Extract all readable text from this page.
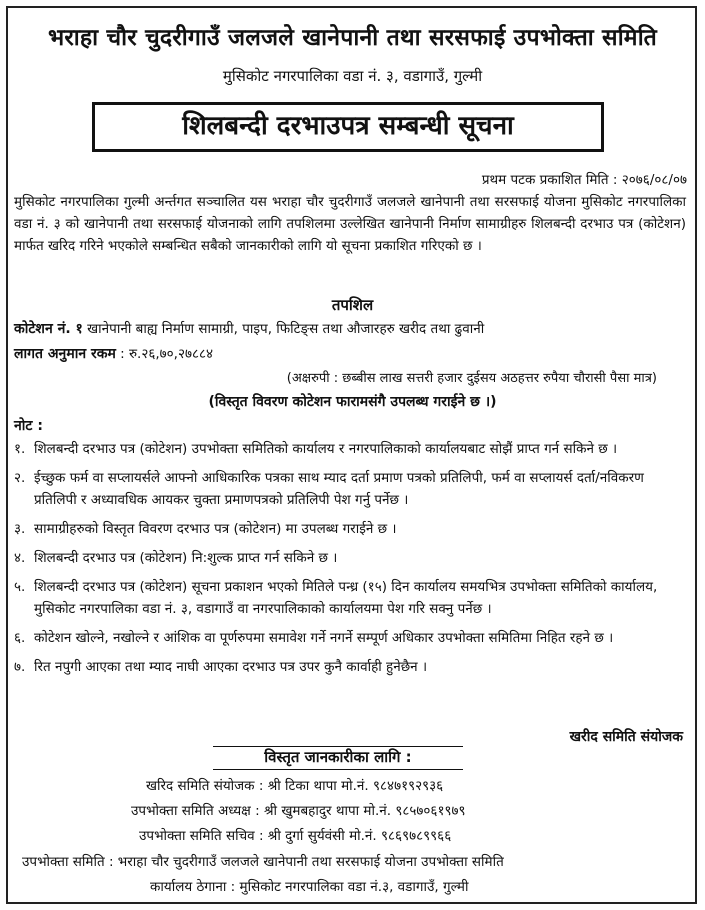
भराहा चौर चुदरीगाउँ जलजले खानेपानी तथा सरसफाई उपभोक्ता समिति
मुसिकोट नगरपालिका वडा नं. ३, वडागाउँ, गुल्मी
शिलबन्दी दरभाउपत्र सम्बन्धी सूचना
प्रथम पटक प्रकाशित मिति : २०७६/०८/०७

मुसिकोट नगरपालिका गुल्मी अर्न्तगत सञ्चालित यस भराहा चौर चुदरीगाउँ जलजले खानेपानी तथा सरसफाई योजना मुसिकोट नगरपालिका वडा नं. ३ को खानेपानी तथा सरसफाई योजनाको लागि तपशिलमा उल्लेखित खानेपानी निर्माण सामाग्रीहरु शिलबन्दी दरभाउ पत्र (कोटेशन) मार्फत खरिद गरिने भएकोले सम्बन्धित सबैको जानकारीको लागि यो सूचना प्रकाशित गरिएको छ ।

तपशिल
कोटेशन नं. १ खानेपानी बाह्य निर्माण सामाग्री, पाइप, फिटिङ्स तथा औजारहरु खरीद तथा ढुवानी
लागत अनुमान रकम : रु.२६,७०,२७८८४
(अक्षरुपी : छब्बीस लाख सत्तरी हजार दुईसय अठहत्तर रुपैया चौरासी पैसा मात्र)
(विस्तृत विवरण कोटेशन फारामसंगै उपलब्ध गराईने छ ।)
नोट :
१. शिलबन्दी दरभाउ पत्र (कोटेशन) उपभोक्ता समितिको कार्यालय र नगरपालिकाको कार्यालयबाट सोझैं प्राप्त गर्न सकिने छ ।
२. ईच्छुक फर्म वा सप्लायर्सले आफ्नो आधिकारिक पत्रका साथ म्याद दर्ता प्रमाण पत्रको प्रतिलिपी, फर्म वा सप्लायर्स दर्ता/नविकरण प्रतिलिपी र अध्यावधिक आयकर चुक्ता प्रमाणपत्रको प्रतिलिपी पेश गर्नु पर्नेछ ।
३. सामाग्रीहरुको विस्तृत विवरण दरभाउ पत्र (कोटेशन) मा उपलब्ध गराईने छ ।
४. शिलबन्दी दरभाउ पत्र (कोटेशन) नि:शुल्क प्राप्त गर्न सकिने छ ।
५. शिलबन्दी दरभाउ पत्र (कोटेशन) सूचना प्रकाशन भएको मितिले पन्ध्र (१५) दिन कार्यालय समयभित्र उपभोक्ता समितिको कार्यालय, मुसिकोट नगरपालिका वडा नं. ३, वडागाउँ वा नगरपालिकाको कार्यालयमा पेश गरि सक्नु पर्नेछ ।
६. कोटेशन खोल्ने, नखोल्ने र आंशिक वा पूर्णरुपमा समावेश गर्ने नगर्ने सम्पूर्ण अधिकार उपभोक्ता समितिमा निहित रहने छ ।
७. रित नपुगी आएका तथा म्याद नाघी आएका दरभाउ पत्र उपर कुनै कार्वाही हुनेछैन ।
खरीद समिति संयोजक
विस्तृत जानकारीका लागि :
खरिद समिति संयोजक : श्री टिका थापा मो.नं. ९८४७१९२९३६
उपभोक्ता समिति अध्यक्ष : श्री खुमबहादुर थापा मो.नं. ९८५७०६१९७९
उपभोक्ता समिति सचिव : श्री दुर्गा सुर्यवंसी मो.नं. ९८६९७८९९६६
उपभोक्ता समिति : भराहा चौर चुदरीगाउँ जलजले खानेपानी तथा सरसफाई योजना उपभोक्ता समिति
कार्यालय ठेगाना : मुसिकोट नगरपालिका वडा नं.३, वडागाउँ, गुल्मी
